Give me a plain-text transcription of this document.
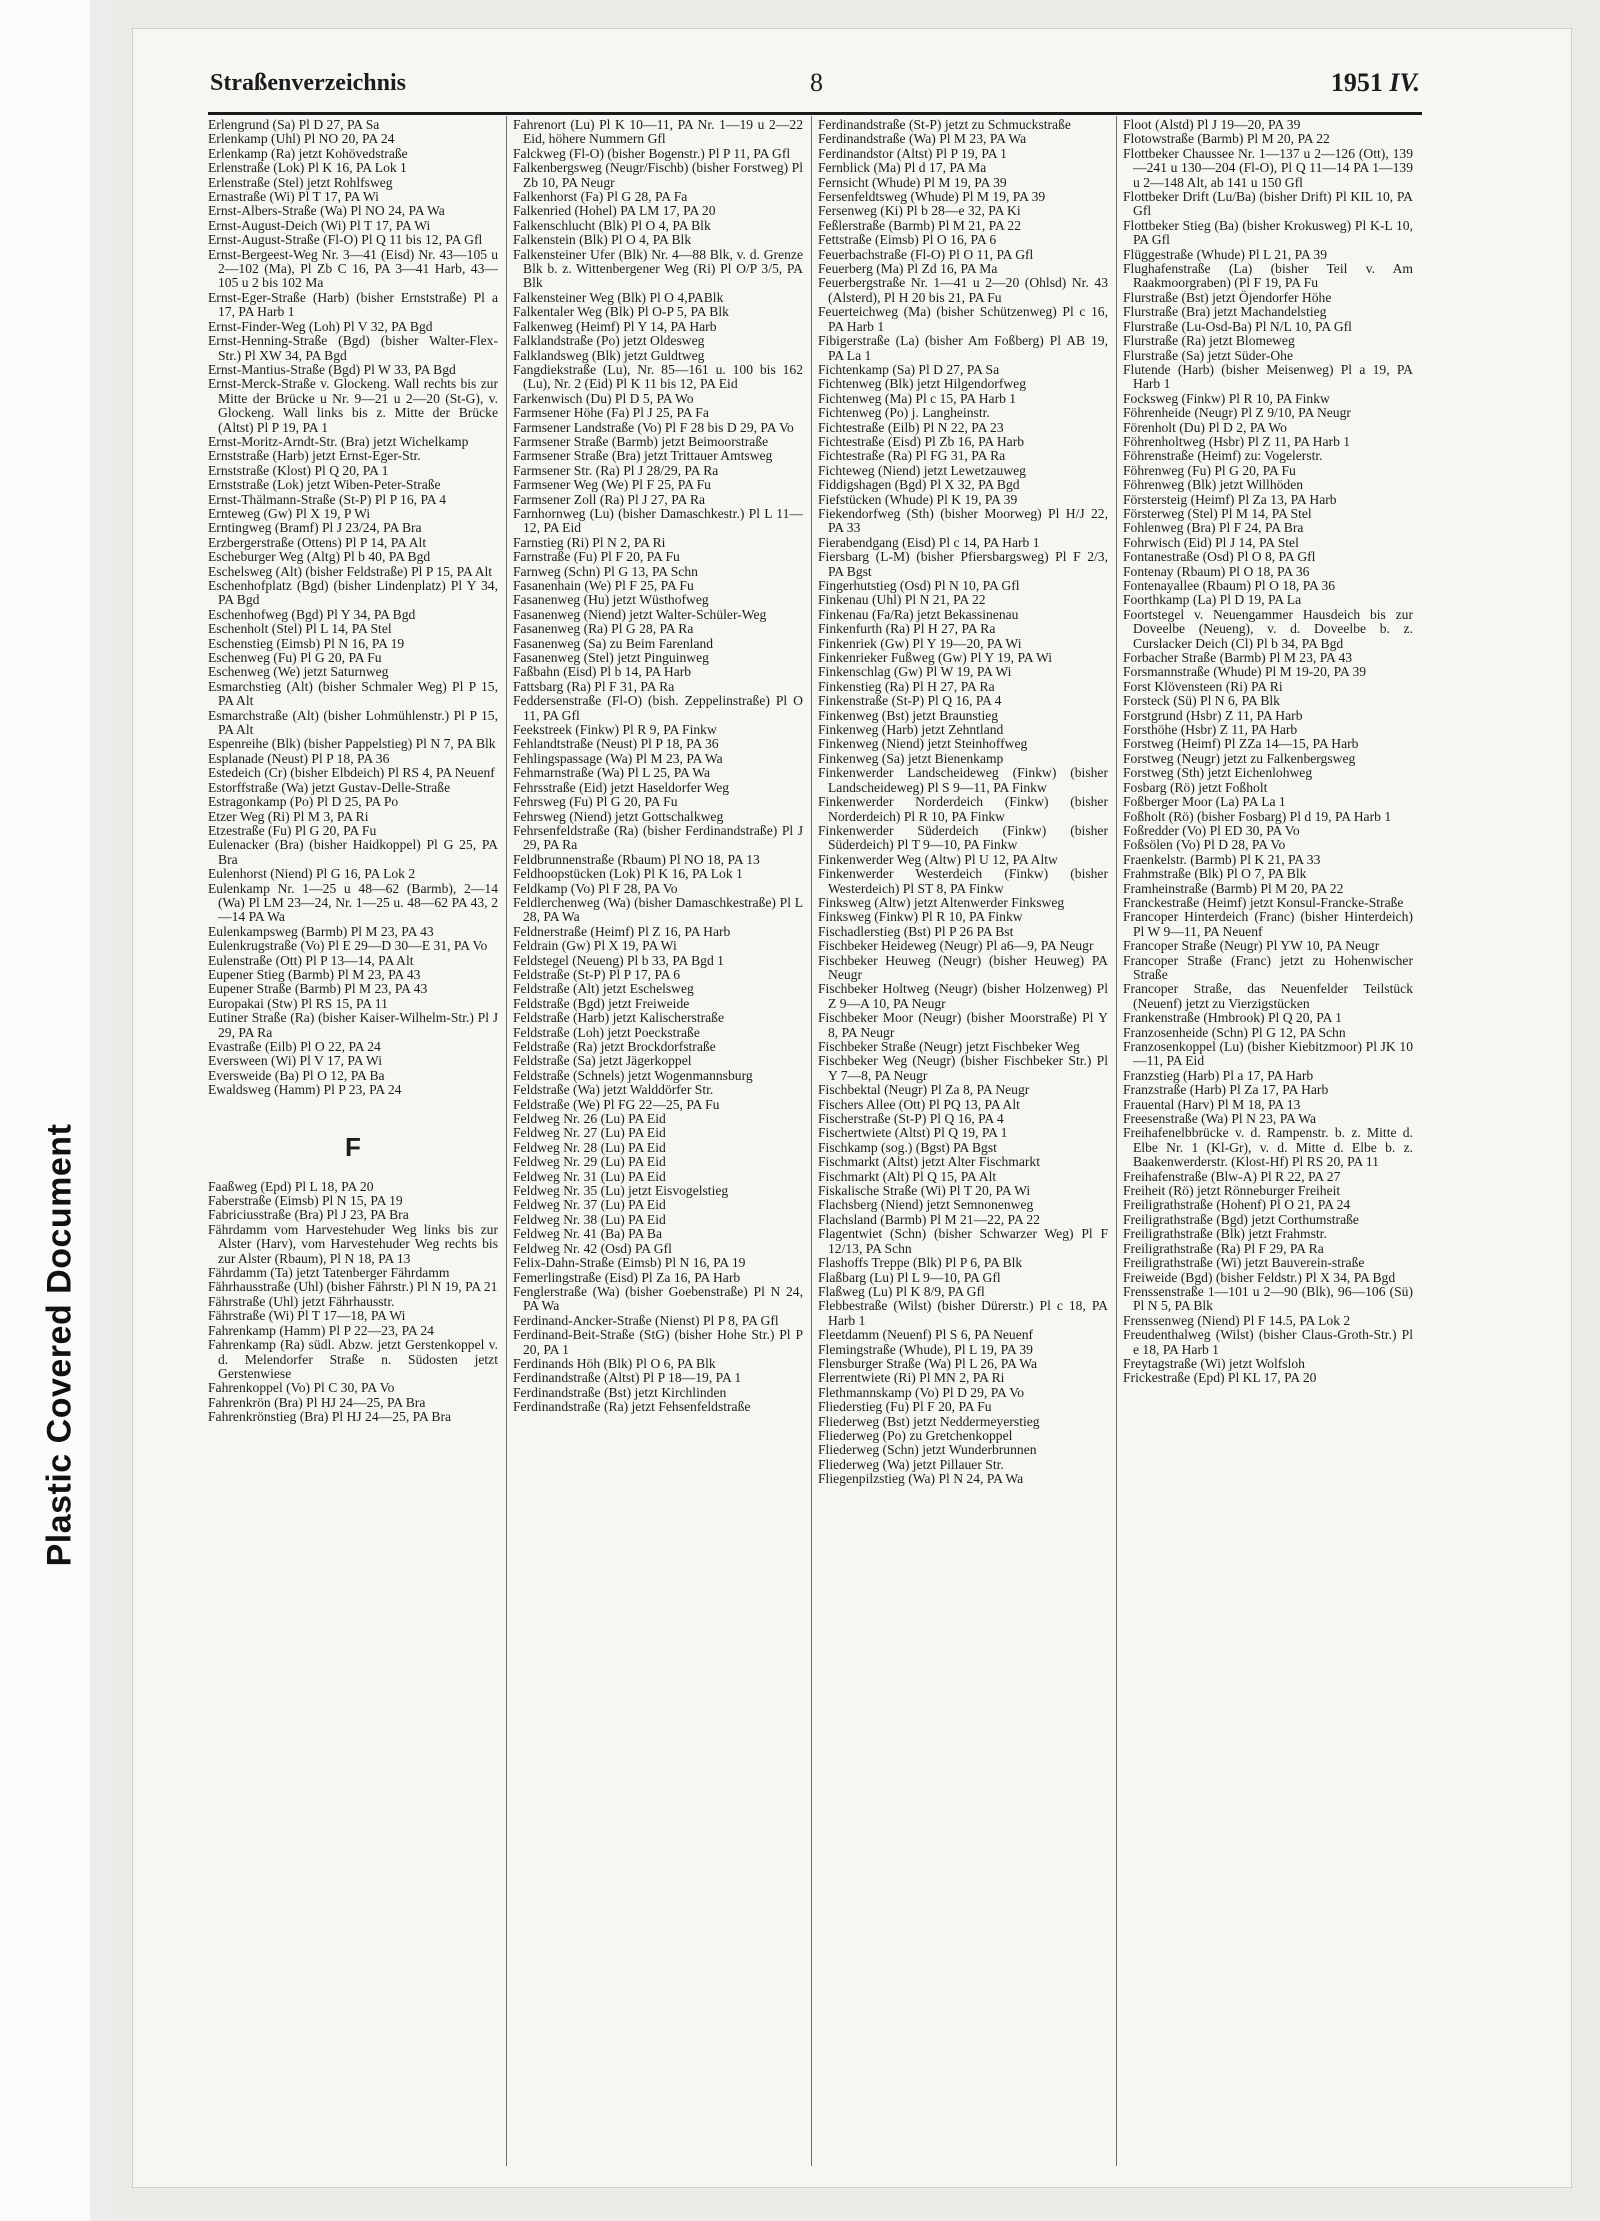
Plastic Covered Document
Straßenverzeichnis	8	1951 IV.

Erlengrund (Sa) Pl D 27, PA Sa

Erlenkamp (Uhl) Pl NO 20, PA 24

Erlenkamp (Ra) jetzt Kohövedstraße

Erlenstraße (Lok) Pl K 16, PA Lok 1

Erlenstraße (Stel) jetzt Rohlfsweg

Ernastraße (Wi) Pl T 17, PA Wi

Ernst-Albers-Straße (Wa) Pl NO 24, PA Wa

Ernst-August-Deich (Wi) Pl T 17, PA Wi

Ernst-August-Straße (Fl-O) Pl Q 11 bis 12, PA Gfl

Ernst-Bergeest-Weg Nr. 3—41 (Eisd) Nr. 43—105 u 2—102 (Ma), Pl Zb C 16, PA 3—41 Harb, 43—105 u 2 bis 102 Ma

Ernst-Eger-Straße (Harb) (bisher Ernststraße) Pl a 17, PA Harb 1

Ernst-Finder-Weg (Loh) Pl V 32, PA Bgd

Ernst-Henning-Straße (Bgd) (bisher Walter-Flex-Str.) Pl XW 34, PA Bgd

Ernst-Mantius-Straße (Bgd) Pl W 33, PA Bgd

Ernst-Merck-Straße v. Glockeng. Wall rechts bis zur Mitte der Brücke u Nr. 9—21 u 2—20 (St-G), v. Glockeng. Wall links bis z. Mitte der Brücke (Altst) Pl P 19, PA 1

Ernst-Moritz-Arndt-Str. (Bra) jetzt Wichelkamp

Ernststraße (Harb) jetzt Ernst-Eger-Str.

Ernststraße (Klost) Pl Q 20, PA 1

Ernststraße (Lok) jetzt Wiben-Peter-Straße

Ernst-Thälmann-Straße (St-P) Pl P 16, PA 4

Ernteweg (Gw) Pl X 19, P Wi

Erntingweg (Bramf) Pl J 23/24, PA Bra

Erzbergerstraße (Ottens) Pl P 14, PA Alt

Escheburger Weg (Altg) Pl b 40, PA Bgd

Eschelsweg (Alt) (bisher Feldstraße) Pl P 15, PA Alt

Eschenhofplatz (Bgd) (bisher Lindenplatz) Pl Y 34, PA Bgd

Eschenhofweg (Bgd) Pl Y 34, PA Bgd

Eschenholt (Stel) Pl L 14, PA Stel

Eschenstieg (Eimsb) Pl N 16, PA 19

Eschenweg (Fu) Pl G 20, PA Fu

Eschenweg (We) jetzt Saturnweg

Esmarchstieg (Alt) (bisher Schmaler Weg) Pl P 15, PA Alt

Esmarchstraße (Alt) (bisher Lohmühlenstr.) Pl P 15, PA Alt

Espenreihe (Blk) (bisher Pappelstieg) Pl N 7, PA Blk

Esplanade (Neust) Pl P 18, PA 36

Estedeich (Cr) (bisher Elbdeich) Pl RS 4, PA Neuenf

Estorffstraße (Wa) jetzt Gustav-Delle-Straße

Estragonkamp (Po) Pl D 25, PA Po

Etzer Weg (Ri) Pl M 3, PA Ri

Etzestraße (Fu) Pl G 20, PA Fu

Eulenacker (Bra) (bisher Haidkoppel) Pl G 25, PA Bra

Eulenhorst (Niend) Pl G 16, PA Lok 2

Eulenkamp Nr. 1—25 u 48—62 (Barmb), 2—14 (Wa) Pl LM 23—24, Nr. 1—25 u. 48—62 PA 43, 2—14 PA Wa

Eulenkampsweg (Barmb) Pl M 23, PA 43

Eulenkrugstraße (Vo) Pl E 29—D 30—E 31, PA Vo

Eulenstraße (Ott) Pl P 13—14, PA Alt

Eupener Stieg (Barmb) Pl M 23, PA 43

Eupener Straße (Barmb) Pl M 23, PA 43

Europakai (Stw) Pl RS 15, PA 11

Eutiner Straße (Ra) (bisher Kaiser-Wilhelm-Str.) Pl J 29, PA Ra

Evastraße (Eilb) Pl O 22, PA 24

Eversween (Wi) Pl V 17, PA Wi

Eversweide (Ba) Pl O 12, PA Ba

Ewaldsweg (Hamm) Pl P 23, PA 24

F

Faaßweg (Epd) Pl L 18, PA 20

Faberstraße (Eimsb) Pl N 15, PA 19

Fabriciusstraße (Bra) Pl J 23, PA Bra

Fährdamm vom Harvestehuder Weg links bis zur Alster (Harv), vom Harvestehuder Weg rechts bis zur Alster (Rbaum), Pl N 18, PA 13

Fährdamm (Ta) jetzt Tatenberger Fährdamm

Fährhausstraße (Uhl) (bisher Fährstr.) Pl N 19, PA 21

Fährstraße (Uhl) jetzt Fährhausstr.

Fährstraße (Wi) Pl T 17—18, PA Wi

Fahrenkamp (Hamm) Pl P 22—23, PA 24

Fahrenkamp (Ra) südl. Abzw. jetzt Gerstenkoppel v. d. Melendorfer Straße n. Südosten jetzt Gerstenwiese

Fahrenkoppel (Vo) Pl C 30, PA Vo

Fahrenkrön (Bra) Pl HJ 24—25, PA Bra

Fahrenkrönstieg (Bra) Pl HJ 24—25, PA Bra

Fahrenort (Lu) Pl K 10—11, PA Nr. 1—19 u 2—22 Eid, höhere Nummern Gfl

Falckweg (Fl-O) (bisher Bogenstr.) Pl P 11, PA Gfl

Falkenbergsweg (Neugr/Fischb) (bisher Forstweg) Pl Zb 10, PA Neugr

Falkenhorst (Fa) Pl G 28, PA Fa

Falkenried (Hohel) PA LM 17, PA 20

Falkenschlucht (Blk) Pl O 4, PA Blk

Falkenstein (Blk) Pl O 4, PA Blk

Falkensteiner Ufer (Blk) Nr. 4—88 Blk, v. d. Grenze Blk b. z. Wittenbergener Weg (Ri) Pl O/P 3/5, PA Blk

Falkensteiner Weg (Blk) Pl O 4,PABlk

Falkentaler Weg (Blk) Pl O-P 5, PA Blk

Falkenweg (Heimf) Pl Y 14, PA Harb

Falklandstraße (Po) jetzt Oldesweg

Falklandsweg (Blk) jetzt Guldtweg

Fangdiekstraße (Lu), Nr. 85—161 u. 100 bis 162 (Lu), Nr. 2 (Eid) Pl K 11 bis 12, PA Eid

Farkenwisch (Du) Pl D 5, PA Wo

Farmsener Höhe (Fa) Pl J 25, PA Fa

Farmsener Landstraße (Vo) Pl F 28 bis D 29, PA Vo

Farmsener Straße (Barmb) jetzt Beimoorstraße

Farmsener Straße (Bra) jetzt Trittauer Amtsweg

Farmsener Str. (Ra) Pl J 28/29, PA Ra

Farmsener Weg (We) Pl F 25, PA Fu

Farmsener Zoll (Ra) Pl J 27, PA Ra

Farnhornweg (Lu) (bisher Damaschkestr.) Pl L 11—12, PA Eid

Farnstieg (Ri) Pl N 2, PA Ri

Farnstraße (Fu) Pl F 20, PA Fu

Farnweg (Schn) Pl G 13, PA Schn

Fasanenhain (We) Pl F 25, PA Fu

Fasanenweg (Hu) jetzt Wüsthofweg

Fasanenweg (Niend) jetzt Walter-Schüler-Weg

Fasanenweg (Ra) Pl G 28, PA Ra

Fasanenweg (Sa) zu Beim Farenland

Fasanenweg (Stel) jetzt Pinguinweg

Faßbahn (Eisd) Pl b 14, PA Harb

Fattsbarg (Ra) Pl F 31, PA Ra

Feddersenstraße (Fl-O) (bish. Zeppelinstraße) Pl O 11, PA Gfl

Feekstreek (Finkw) Pl R 9, PA Finkw

Fehlandtstraße (Neust) Pl P 18, PA 36

Fehlingspassage (Wa) Pl M 23, PA Wa

Fehmarnstraße (Wa) Pl L 25, PA Wa

Fehrsstraße (Eid) jetzt Haseldorfer Weg

Fehrsweg (Fu) Pl G 20, PA Fu

Fehrsweg (Niend) jetzt Gottschalkweg

Fehrsenfeldstraße (Ra) (bisher Ferdinandstraße) Pl J 29, PA Ra

Feldbrunnenstraße (Rbaum) Pl NO 18, PA 13

Feldhoopstücken (Lok) Pl K 16, PA Lok 1

Feldkamp (Vo) Pl F 28, PA Vo

Feldlerchenweg (Wa) (bisher Damaschkestraße) Pl L 28, PA Wa

Feldnerstraße (Heimf) Pl Z 16, PA Harb

Feldrain (Gw) Pl X 19, PA Wi

Feldstegel (Neueng) Pl b 33, PA Bgd 1

Feldstraße (St-P) Pl P 17, PA 6

Feldstraße (Alt) jetzt Eschelsweg

Feldstraße (Bgd) jetzt Freiweide

Feldstraße (Harb) jetzt Kalischerstraße

Feldstraße (Loh) jetzt Poeckstraße

Feldstraße (Ra) jetzt Brockdorfstraße

Feldstraße (Sa) jetzt Jägerkoppel

Feldstraße (Schnels) jetzt Wogenmannsburg

Feldstraße (Wa) jetzt Walddörfer Str.

Feldstraße (We) Pl FG 22—25, PA Fu

Feldweg Nr. 26 (Lu) PA Eid

Feldweg Nr. 27 (Lu) PA Eid

Feldweg Nr. 28 (Lu) PA Eid

Feldweg Nr. 29 (Lu) PA Eid

Feldweg Nr. 31 (Lu) PA Eid

Feldweg Nr. 35 (Lu) jetzt Eisvogelstieg

Feldweg Nr. 37 (Lu) PA Eid

Feldweg Nr. 38 (Lu) PA Eid

Feldweg Nr. 41 (Ba) PA Ba

Feldweg Nr. 42 (Osd) PA Gfl

Felix-Dahn-Straße (Eimsb) Pl N 16, PA 19

Femerlingstraße (Eisd) Pl Za 16, PA Harb

Fenglerstraße (Wa) (bisher Goebenstraße) Pl N 24, PA Wa

Ferdinand-Ancker-Straße (Nienst) Pl P 8, PA Gfl

Ferdinand-Beit-Straße (StG) (bisher Hohe Str.) Pl P 20, PA 1

Ferdinands Höh (Blk) Pl O 6, PA Blk

Ferdinandstraße (Altst) Pl P 18—19, PA 1

Ferdinandstraße (Bst) jetzt Kirchlinden

Ferdinandstraße (Ra) jetzt Fehsenfeldstraße

Ferdinandstraße (St-P) jetzt zu Schmuckstraße

Ferdinandstraße (Wa) Pl M 23, PA Wa

Ferdinandstor (Altst) Pl P 19, PA 1

Fernblick (Ma) Pl d 17, PA Ma

Fernsicht (Whude) Pl M 19, PA 39

Fersenfeldtsweg (Whude) Pl M 19, PA 39

Fersenweg (Ki) Pl b 28—e 32, PA Ki

Feßlerstraße (Barmb) Pl M 21, PA 22

Fettstraße (Eimsb) Pl O 16, PA 6

Feuerbachstraße (Fl-O) Pl O 11, PA Gfl

Feuerberg (Ma) Pl Zd 16, PA Ma

Feuerbergstraße Nr. 1—41 u 2—20 (Ohlsd) Nr. 43 (Alsterd), Pl H 20 bis 21, PA Fu

Feuerteichweg (Ma) (bisher Schützenweg) Pl c 16, PA Harb 1

Fibigerstraße (La) (bisher Am Foßberg) Pl AB 19, PA La 1

Fichtenkamp (Sa) Pl D 27, PA Sa

Fichtenweg (Blk) jetzt Hilgendorfweg

Fichtenweg (Ma) Pl c 15, PA Harb 1

Fichtenweg (Po) j. Langheinstr.

Fichtestraße (Eilb) Pl N 22, PA 23

Fichtestraße (Eisd) Pl Zb 16, PA Harb

Fichtestraße (Ra) Pl FG 31, PA Ra

Fichteweg (Niend) jetzt Lewetzauweg

Fiddigshagen (Bgd) Pl X 32, PA Bgd

Fiefstücken (Whude) Pl K 19, PA 39

Fiekendorfweg (Sth) (bisher Moorweg) Pl H/J 22, PA 33

Fierabendgang (Eisd) Pl c 14, PA Harb 1

Fiersbarg (L-M) (bisher Pfiersbargsweg) Pl F 2/3, PA Bgst

Fingerhutstieg (Osd) Pl N 10, PA Gfl

Finkenau (Uhl) Pl N 21, PA 22

Finkenau (Fa/Ra) jetzt Bekassinenau

Finkenfurth (Ra) Pl H 27, PA Ra

Finkenriek (Gw) Pl Y 19—20, PA Wi

Finkenrieker Fußweg (Gw) Pl Y 19, PA Wi

Finkenschlag (Gw) Pl W 19, PA Wi

Finkenstieg (Ra) Pl H 27, PA Ra

Finkenstraße (St-P) Pl Q 16, PA 4

Finkenweg (Bst) jetzt Braunstieg

Finkenweg (Harb) jetzt Zehntland

Finkenweg (Niend) jetzt Steinhoffweg

Finkenweg (Sa) jetzt Bienenkamp

Finkenwerder Landscheideweg (Finkw) (bisher Landscheideweg) Pl S 9—11, PA Finkw

Finkenwerder Norderdeich (Finkw) (bisher Norderdeich) Pl R 10, PA Finkw

Finkenwerder Süderdeich (Finkw) (bisher Süderdeich) Pl T 9—10, PA Finkw

Finkenwerder Weg (Altw) Pl U 12, PA Altw

Finkenwerder Westerdeich (Finkw) (bisher Westerdeich) Pl ST 8, PA Finkw

Finksweg (Altw) jetzt Altenwerder Finksweg

Finksweg (Finkw) Pl R 10, PA Finkw

Fischadlerstieg (Bst) Pl P 26 PA Bst

Fischbeker Heideweg (Neugr) Pl a6—9, PA Neugr

Fischbeker Heuweg (Neugr) (bisher Heuweg) PA Neugr

Fischbeker Holtweg (Neugr) (bisher Holzenweg) Pl Z 9—A 10, PA Neugr

Fischbeker Moor (Neugr) (bisher Moorstraße) Pl Y 8, PA Neugr

Fischbeker Straße (Neugr) jetzt Fischbeker Weg

Fischbeker Weg (Neugr) (bisher Fischbeker Str.) Pl Y 7—8, PA Neugr

Fischbektal (Neugr) Pl Za 8, PA Neugr

Fischers Allee (Ott) Pl PQ 13, PA Alt

Fischerstraße (St-P) Pl Q 16, PA 4

Fischertwiete (Altst) Pl Q 19, PA 1

Fischkamp (sog.) (Bgst) PA Bgst

Fischmarkt (Altst) jetzt Alter Fischmarkt

Fischmarkt (Alt) Pl Q 15, PA Alt

Fiskalische Straße (Wi) Pl T 20, PA Wi

Flachsberg (Niend) jetzt Semnonenweg

Flachsland (Barmb) Pl M 21—22, PA 22

Flagentwiet (Schn) (bisher Schwarzer Weg) Pl F 12/13, PA Schn

Flashoffs Treppe (Blk) Pl P 6, PA Blk

Flaßbarg (Lu) Pl L 9—10, PA Gfl

Flaßweg (Lu) Pl K 8/9, PA Gfl

Flebbestraße (Wilst) (bisher Dürerstr.) Pl c 18, PA Harb 1

Fleetdamm (Neuenf) Pl S 6, PA Neuenf

Flemingstraße (Whude), Pl L 19, PA 39

Flensburger Straße (Wa) Pl L 26, PA Wa

Flerrentwiete (Ri) Pl MN 2, PA Ri

Flethmannskamp (Vo) Pl D 29, PA Vo

Fliederstieg (Fu) Pl F 20, PA Fu

Fliederweg (Bst) jetzt Neddermeyerstieg

Fliederweg (Po) zu Gretchenkoppel

Fliederweg (Schn) jetzt Wunderbrunnen

Fliederweg (Wa) jetzt Pillauer Str.

Fliegenpilzstieg (Wa) Pl N 24, PA Wa

Floot (Alstd) Pl J 19—20, PA 39

Flotowstraße (Barmb) Pl M 20, PA 22

Flottbeker Chaussee Nr. 1—137 u 2—126 (Ott), 139—241 u 130—204 (Fl-O), Pl Q 11—14 PA 1—139 u 2—148 Alt, ab 141 u 150 Gfl

Flottbeker Drift (Lu/Ba) (bisher Drift) Pl KIL 10, PA Gfl

Flottbeker Stieg (Ba) (bisher Krokusweg) Pl K-L 10, PA Gfl

Flüggestraße (Whude) Pl L 21, PA 39

Flughafenstraße (La) (bisher Teil v. Am Raakmoorgraben) (Pl F 19, PA Fu

Flurstraße (Bst) jetzt Öjendorfer Höhe

Flurstraße (Bra) jetzt Machandelstieg

Flurstraße (Lu-Osd-Ba) Pl N/L 10, PA Gfl

Flurstraße (Ra) jetzt Blomeweg

Flurstraße (Sa) jetzt Süder-Ohe

Flutende (Harb) (bisher Meisenweg) Pl a 19, PA Harb 1

Focksweg (Finkw) Pl R 10, PA Finkw

Föhrenheide (Neugr) Pl Z 9/10, PA Neugr

Förenholt (Du) Pl D 2, PA Wo

Föhrenholtweg (Hsbr) Pl Z 11, PA Harb 1

Föhrenstraße (Heimf) zu: Vogelerstr.

Föhrenweg (Fu) Pl G 20, PA Fu

Föhrenweg (Blk) jetzt Willhöden

Förstersteig (Heimf) Pl Za 13, PA Harb

Försterweg (Stel) Pl M 14, PA Stel

Fohlenweg (Bra) Pl F 24, PA Bra

Fohrwisch (Eid) Pl J 14, PA Stel

Fontanestraße (Osd) Pl O 8, PA Gfl

Fontenay (Rbaum) Pl O 18, PA 36

Fontenayallee (Rbaum) Pl O 18, PA 36

Foorthkamp (La) Pl D 19, PA La

Foortstegel v. Neuengammer Hausdeich bis zur Doveelbe (Neueng), v. d. Doveelbe b. z. Curslacker Deich (Cl) Pl b 34, PA Bgd

Forbacher Straße (Barmb) Pl M 23, PA 43

Forsmannstraße (Whude) Pl M 19-20, PA 39

Forst Klövensteen (Ri) PA Ri

Forsteck (Sü) Pl N 6, PA Blk

Forstgrund (Hsbr) Z 11, PA Harb

Forsthöhe (Hsbr) Z 11, PA Harb

Forstweg (Heimf) Pl ZZa 14—15, PA Harb

Forstweg (Neugr) jetzt zu Falkenbergsweg

Forstweg (Sth) jetzt Eichenlohweg

Fosbarg (Rö) jetzt Foßholt

Foßberger Moor (La) PA La 1

Foßholt (Rö) (bisher Fosbarg) Pl d 19, PA Harb 1

Foßredder (Vo) Pl ED 30, PA Vo

Foßsölen (Vo) Pl D 28, PA Vo

Fraenkelstr. (Barmb) Pl K 21, PA 33

Frahmstraße (Blk) Pl O 7, PA Blk

Framheinstraße (Barmb) Pl M 20, PA 22

Franckestraße (Heimf) jetzt Konsul-Francke-Straße

Francoper Hinterdeich (Franc) (bisher Hinterdeich) Pl W 9—11, PA Neuenf

Francoper Straße (Neugr) Pl YW 10, PA Neugr

Francoper Straße (Franc) jetzt zu Hohenwischer Straße

Francoper Straße, das Neuenfelder Teilstück (Neuenf) jetzt zu Vierzigstücken

Frankenstraße (Hmbrook) Pl Q 20, PA 1

Franzosenheide (Schn) Pl G 12, PA Schn

Franzosenkoppel (Lu) (bisher Kiebitzmoor) Pl JK 10—11, PA Eid

Franzstieg (Harb) Pl a 17, PA Harb

Franzstraße (Harb) Pl Za 17, PA Harb

Frauental (Harv) Pl M 18, PA 13

Freesenstraße (Wa) Pl N 23, PA Wa

Freihafenelbbrücke v. d. Rampenstr. b. z. Mitte d. Elbe Nr. 1 (Kl-Gr), v. d. Mitte d. Elbe b. z. Baakenwerderstr. (Klost-Hf) Pl RS 20, PA 11

Freihafenstraße (Blw-A) Pl R 22, PA 27

Freiheit (Rö) jetzt Rönneburger Freiheit

Freiligrathstraße (Hohenf) Pl O 21, PA 24

Freiligrathstraße (Bgd) jetzt Corthumstraße

Freiligrathstraße (Blk) jetzt Frahmstr.

Freiligrathstraße (Ra) Pl F 29, PA Ra

Freiligrathstraße (Wi) jetzt Bauverein-straße

Freiweide (Bgd) (bisher Feldstr.) Pl X 34, PA Bgd

Frenssenstraße 1—101 u 2—90 (Blk), 96—106 (Sü) Pl N 5, PA Blk

Frenssenweg (Niend) Pl F 14.5, PA Lok 2

Freudenthalweg (Wilst) (bisher Claus-Groth-Str.) Pl e 18, PA Harb 1

Freytagstraße (Wi) jetzt Wolfsloh

Frickestraße (Epd) Pl KL 17, PA 20
